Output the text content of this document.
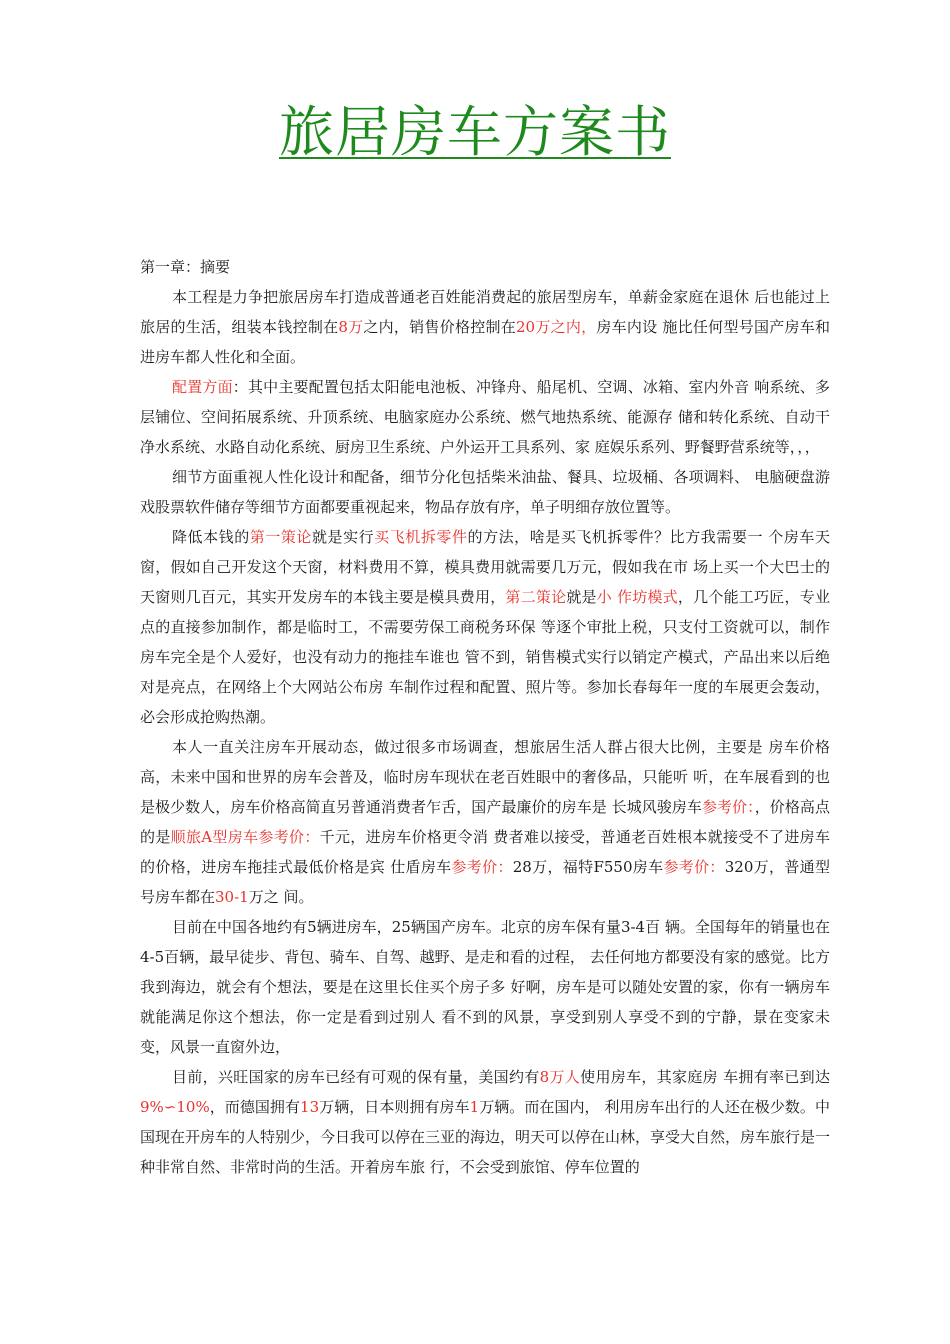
旅居房车方案书

第一章：摘要

本工程是力争把旅居房车打造成普通老百姓能消费起的旅居型房车，单薪金家庭在退休 后也能过上旅居的生活，组装本钱控制在8万之内，销售价格控制在20万之内，房车内设 施比任何型号国产房车和进房车都人性化和全面。

配置方面：其中主要配置包括太阳能电池板、冲锋舟、船尾机、空调、冰箱、室内外音 响系统、多层铺位、空间拓展系统、升顶系统、电脑家庭办公系统、燃气地热系统、能源存 储和转化系统、自动干净水系统、水路自动化系统、厨房卫生系统、户外运开工具系列、家 庭娱乐系列、野餐野营系统等，，，

细节方面重视人性化设计和配备，细节分化包括柴米油盐、餐具、垃圾桶、各项调料、 电脑硬盘游戏股票软件储存等细节方面都要重视起来，物品存放有序，单子明细存放位置等。

降低本钱的第一策论就是实行买飞机拆零件的方法，啥是买飞机拆零件？比方我需要一 个房车天窗，假如自己开发这个天窗，材料费用不算，模具费用就需要几万元，假如我在市 场上买一个大巴士的天窗则几百元，其实开发房车的本钱主要是模具费用，第二策论就是小 作坊模式，几个能工巧匠，专业点的直接参加制作，都是临时工，不需要劳保工商税务环保 等逐个审批上税，只支付工资就可以，制作房车完全是个人爱好，也没有动力的拖挂车谁也 管不到，销售模式实行以销定产模式，产品出来以后绝对是亮点，在网络上个大网站公布房 车制作过程和配置、照片等。参加长春每年一度的车展更会轰动，必会形成抢购热潮。

本人一直关注房车开展动态，做过很多市场调查，想旅居生活人群占很大比例，主要是 房车价格高，未来中国和世界的房车会普及，临时房车现状在老百姓眼中的奢侈品，只能听 听，在车展看到的也是极少数人，房车价格高简直另普通消费者乍舌，国产最廉价的房车是 长城风骏房车参考价：，价格高点的是顺旅A型房车参考价：千元，进房车价格更令消 费者难以接受，普通老百姓根本就接受不了进房车的价格，进房车拖挂式最低价格是宾 仕盾房车参考价：28万，福特F550房车参考价：320万，普通型号房车都在30-1万之 间。

目前在中国各地约有5辆进房车，25辆国产房车。北京的房车保有量3-4百 辆。全国每年的销量也在4-5百辆，最早徒步、背包、骑车、自驾、越野、是走和看的过程， 去任何地方都要没有家的感觉。比方我到海边，就会有个想法，要是在这里长住买个房子多 好啊，房车是可以随处安置的家，你有一辆房车就能满足你这个想法，你一定是看到过别人 看不到的风景，享受到别人享受不到的宁静，景在变家未变，风景一直窗外边，

目前，兴旺国家的房车已经有可观的保有量，美国约有8万人使用房车，其家庭房 车拥有率已到达9%∽10%，而德国拥有13万辆，日本则拥有房车1万辆。而在国内， 利用房车出行的人还在极少数。中国现在开房车的人特别少，今日我可以停在三亚的海边，明天可以停在山林，享受大自然，房车旅行是一种非常自然、非常时尚的生活。开着房车旅 行，不会受到旅馆、停车位置的
